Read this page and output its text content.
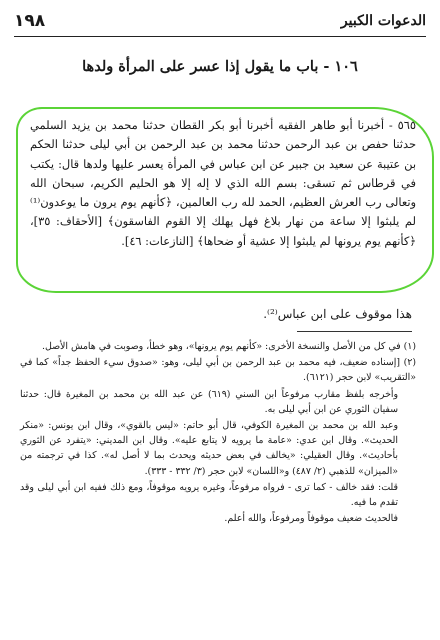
الدعوات الكبير
١٩٨
١٠٦ - باب ما يقول إذا عسر على المرأة ولدها
٥٦٥ - أخبرنا أبو طاهر الفقيه أخبرنا أبو بكر القطان حدثنا محمد بن يزيد السلمي حدثنا حفص بن عبد الرحمن حدثنا محمد بن عبد الرحمن بن أبي ليلى حدثنا الحكم بن عتيبة عن سعيد بن جبير عن ابن عباس في المرأة يعسر عليها ولدها قال: يكتب في قرطاس ثم تسقى: بسم الله الذي لا إله إلا هو الحليم الكريم، سبحان الله وتعالى رب العرش العظيم، الحمد لله رب العالمين، ﴿كأنهم يوم يرون ما يوعدون⁽¹⁾ لم يلبثوا إلا ساعة من نهار بلاغ فهل يهلك إلا القوم الفاسقون﴾ [الأحقاف: ٣٥]، ﴿كأنهم يوم يرونها لم يلبثوا إلا عشية أو ضحاها﴾ [النازعات: ٤٦].
هذا موقوف على ابن عباس⁽²⁾.

(١) في كل من الأصل والنسخة الأخرى: «كأنهم يوم يرونها»، وهو خطأ، وصوبت في هامش الأصل.

(٢) [إسناده ضعيف، فيه محمد بن عبد الرحمن بن أبي ليلى، وهو: «صدوق سيء الحفظ جداً» كما في «التقريب» لابن حجر (٦١٢١).

وأخرجه بلفظ مقارب مرفوعاً ابن السني (٦١٩) عن عبد الله بن محمد بن المغيرة قال: حدثنا سفيان الثوري عن ابن أبي ليلى به.

وعبد الله بن محمد بن المغيرة الكوفي، قال أبو حاتم: «ليس بالقوي»، وقال ابن يونس: «منكر الحديث». وقال ابن عدي: «عامة ما يرويه لا يتابع عليه». وقال ابن المديني: «يتفرد عن الثوري بأحاديث». وقال العقيلي: «يخالف في بعض حديثه ويحدث بما لا أصل له». كذا في ترجمته من «الميزان» للذهبي (٢/ ٤٨٧) و«اللسان» لابن حجر (٣/ ٣٣٢ - ٣٣٣).

قلت: فقد خالف - كما ترى - فرواه مرفوعاً، وغيره يرويه موقوفاً، ومع ذلك ففيه ابن أبي ليلى وقد تقدم ما فيه.

فالحديث ضعيف موقوفاً ومرفوعاً، والله أعلم.
